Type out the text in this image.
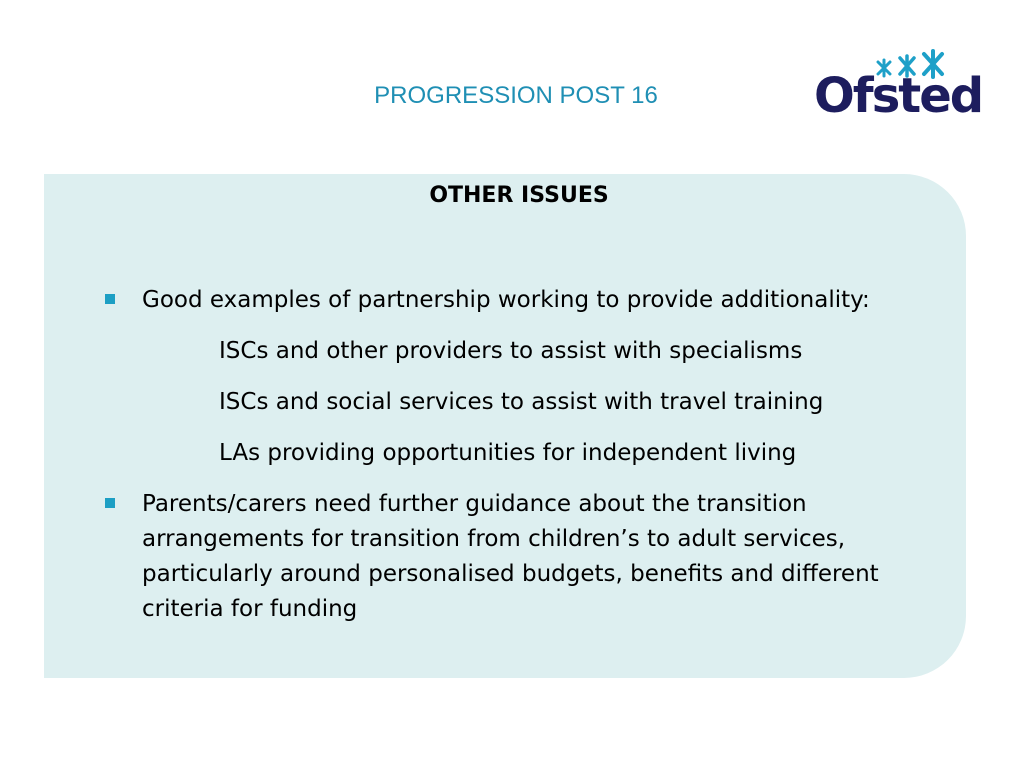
PROGRESSION POST 16	Ofsted
OTHER ISSUES
Good examples of partnership working to provide additionality:
ISCs and other providers to assist with specialisms
ISCs and social services to assist with travel training
LAs providing opportunities for independent living
Parents/carers need further guidance about the transition arrangements for transition from children’s to adult services, particularly around personalised budgets, benefits and different criteria for funding
